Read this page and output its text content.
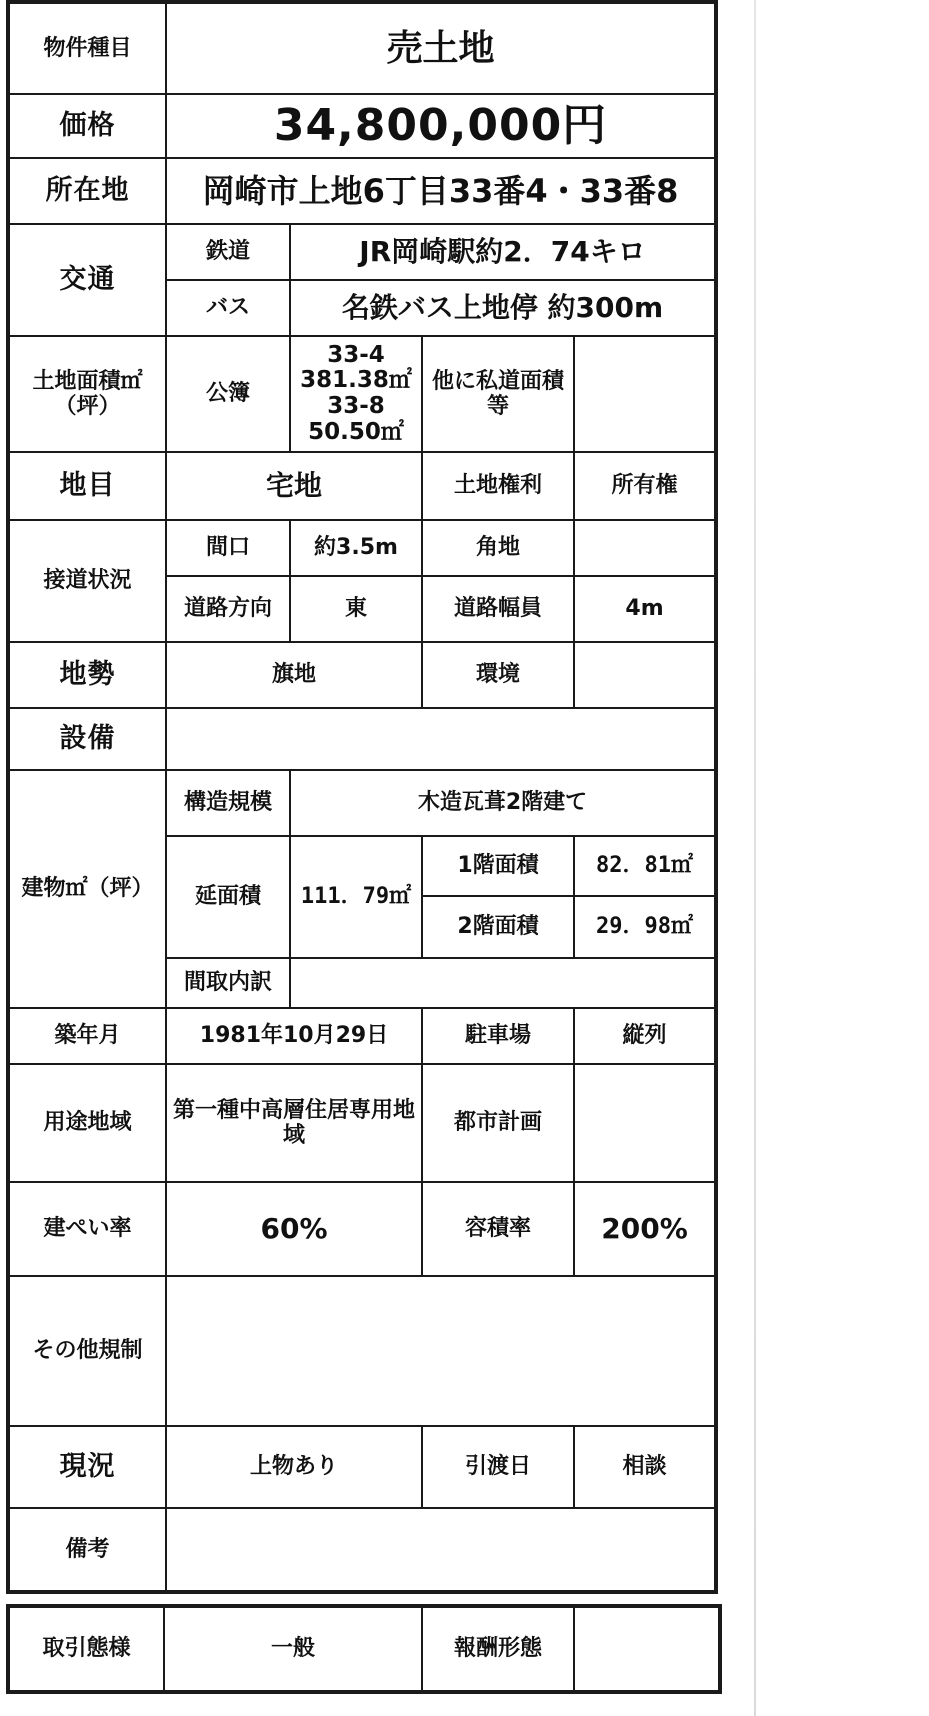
物件種目	売土地			
価格	34,800,000円			
所在地	岡崎市上地6丁目33番4・33番8			
交通	鉄道	JR岡崎駅約2．74キロ		
	バス	名鉄バス上地停 約300m		
土地面積㎡（坪）	公簿	33-4
381.38㎡
33-8
50.50㎡	他に私道面積等	
地目	宅地		土地権利	所有権
接道状況	間口	約3.5m	角地	
	道路方向	東	道路幅員	4m
地勢	旗地		環境	
設備				
建物㎡（坪）	構造規模	木造瓦葺2階建て		
	延面積	111．79㎡	1階面積	82．81㎡
			2階面積	29．98㎡
	間取内訳			
築年月	1981年10月29日		駐車場	縦列
用途地域	第一種中高層住居専用地域		都市計画	
建ぺい率	60%		容積率	200%
その他規制				
現況	上物あり		引渡日	相談
備考				
取引態様	一般	報酬形態	
